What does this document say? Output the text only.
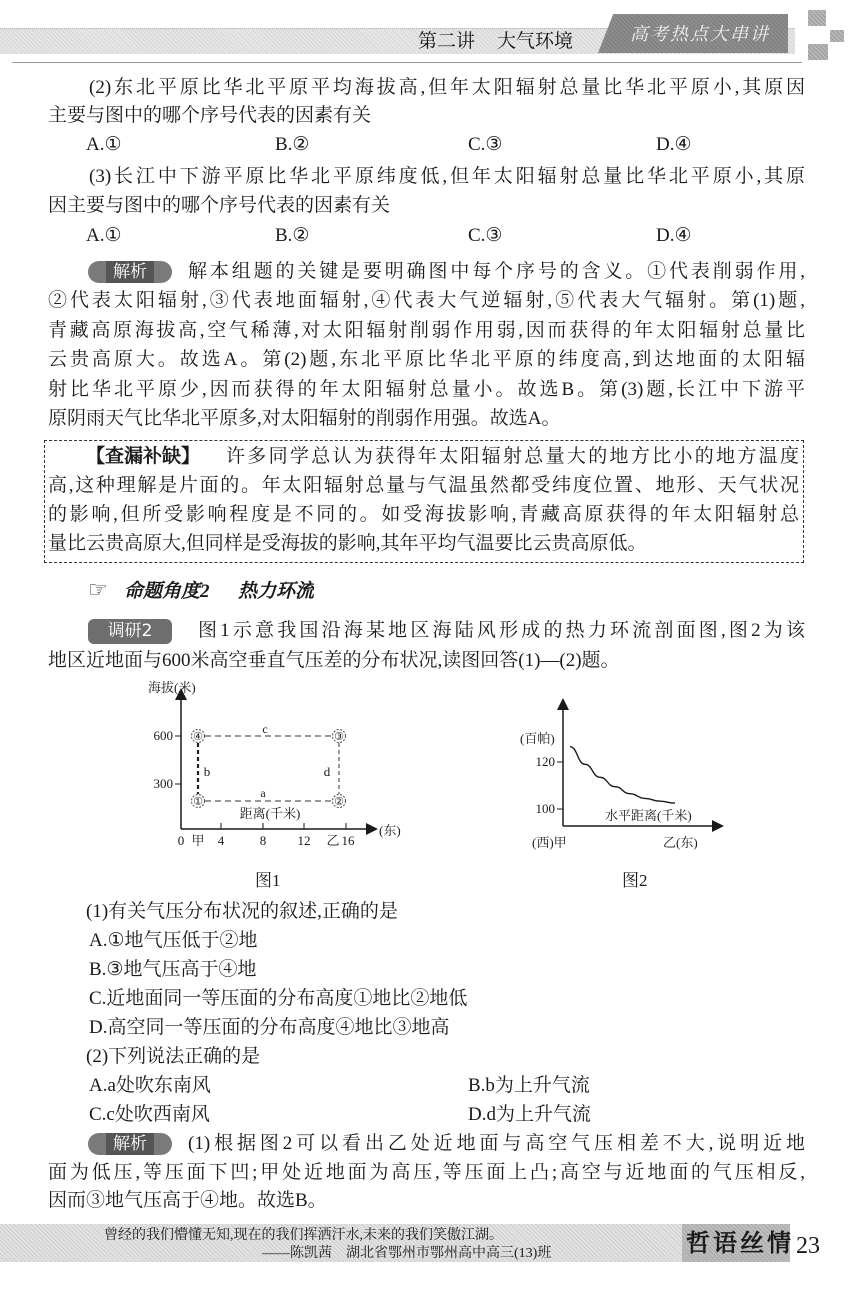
第二讲 大气环境	高考热点大串讲
(2)东北平原比华北平原平均海拔高,但年太阳辐射总量比华北平原小,其原因
主要与图中的哪个序号代表的因素有关
A.①	B.②	C.③	D.④
(3)长江中下游平原比华北平原纬度低,但年太阳辐射总量比华北平原小,其原
因主要与图中的哪个序号代表的因素有关
A.①	B.②	C.③	D.④
解析	解本组题的关键是要明确图中每个序号的含义。①代表削弱作用,
②代表太阳辐射,③代表地面辐射,④代表大气逆辐射,⑤代表大气辐射。第(1)题,
青藏高原海拔高,空气稀薄,对太阳辐射削弱作用弱,因而获得的年太阳辐射总量比
云贵高原大。故选A。第(2)题,东北平原比华北平原的纬度高,到达地面的太阳辐
射比华北平原少,因而获得的年太阳辐射总量小。故选B。第(3)题,长江中下游平
原阴雨天气比华北平原多,对太阳辐射的削弱作用强。故选A。
【查漏补缺】 许多同学总认为获得年太阳辐射总量大的地方比小的地方温度
高,这种理解是片面的。年太阳辐射总量与气温虽然都受纬度位置、地形、天气状况
的影响,但所受影响程度是不同的。如受海拔影响,青藏高原获得的年太阳辐射总
量比云贵高原大,但同样是受海拔的影响,其年平均气温要比云贵高原低。
☞ 命题角度2 热力环流
调研2	图1示意我国沿海某地区海陆风形成的热力环流剖面图,图2为该
地区近地面与600米高空垂直气压差的分布状况,读图回答(1)—(2)题。
海拔(米)
600
300
0 甲 4	8 12 乙 16
(东)
④	③
①	②
c
b	d
a
距离(千米)
图1
(百帕)
120
100	水平距离(千米)
(西)甲	乙(东)
图2
(1)有关气压分布状况的叙述,正确的是
A.①地气压低于②地
B.③地气压高于④地
C.近地面同一等压面的分布高度①地比②地低
D.高空同一等压面的分布高度④地比③地高
(2)下列说法正确的是
A.a处吹东南风	B.b为上升气流
C.c处吹西南风	D.d为上升气流
解析	(1)根据图2可以看出乙处近地面与高空气压相差不大,说明近地
面为低压,等压面下凹;甲处近地面为高压,等压面上凸;高空与近地面的气压相反,
因而③地气压高于④地。故选B。
曾经的我们懵懂无知,现在的我们挥洒汗水,未来的我们笑傲江湖。
——陈凯茜　湖北省鄂州市鄂州高中高三(13)班	哲语丝情 23
